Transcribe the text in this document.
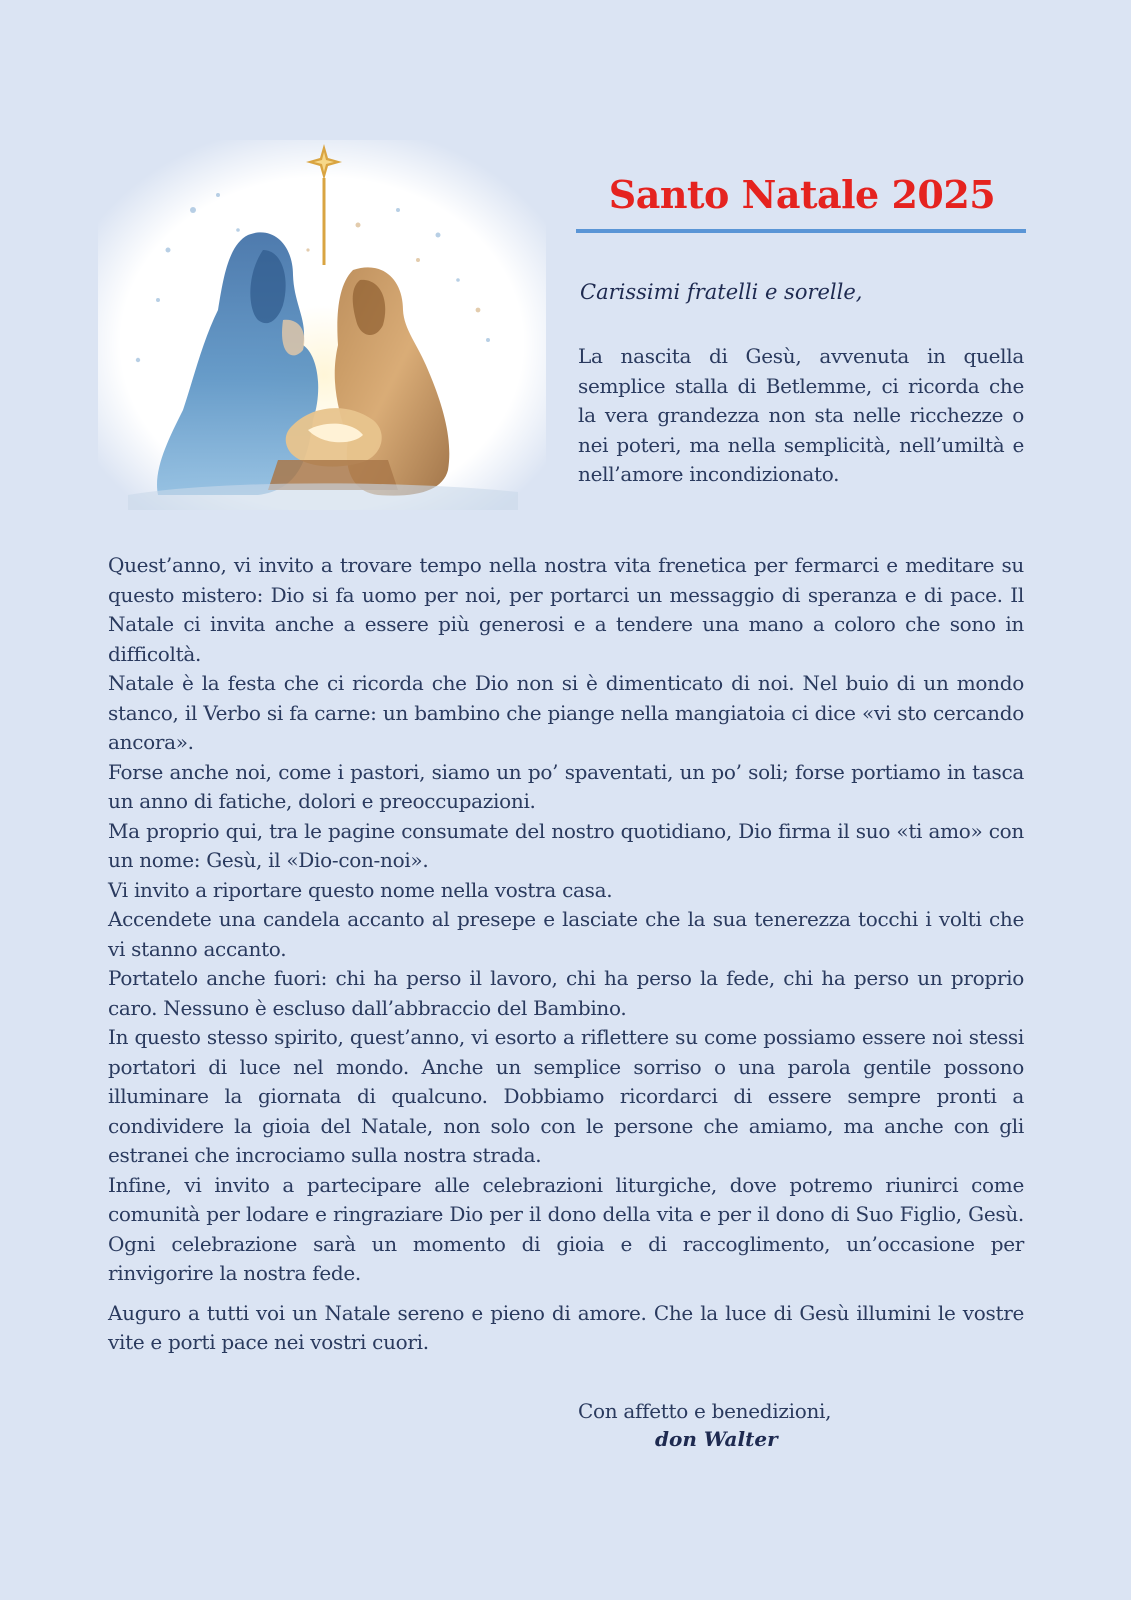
Santo Natale 2025

Carissimi fratelli e sorelle,

La nascita di Gesù, avvenuta in quella semplice stalla di Betlemme, ci ricorda che la vera grandezza non sta nelle ricchezze o nei poteri, ma nella semplicità, nell’umiltà e nell’amore incondizionato.

Quest’anno, vi invito a trovare tempo nella nostra vita frenetica per fermarci e meditare su questo mistero: Dio si fa uomo per noi, per portarci un messaggio di speranza e di pace. Il Natale ci invita anche a essere più generosi e a tendere una mano a coloro che sono in difficoltà.

Natale è la festa che ci ricorda che Dio non si è dimenticato di noi. Nel buio di un mondo stanco, il Verbo si fa carne: un bambino che piange nella mangiatoia ci dice «vi sto cercando ancora».

Forse anche noi, come i pastori, siamo un po’ spaventati, un po’ soli; forse portiamo in tasca un anno di fatiche, dolori e preoccupazioni.

Ma proprio qui, tra le pagine consumate del nostro quotidiano, Dio firma il suo «ti amo» con un nome: Gesù, il «Dio-con-noi».

Vi invito a riportare questo nome nella vostra casa.

Accendete una candela accanto al presepe e lasciate che la sua tenerezza tocchi i volti che vi stanno accanto.

Portatelo anche fuori: chi ha perso il lavoro, chi ha perso la fede, chi ha perso un proprio caro. Nessuno è escluso dall’abbraccio del Bambino.

In questo stesso spirito, quest’anno, vi esorto a riflettere su come possiamo essere noi stessi portatori di luce nel mondo. Anche un semplice sorriso o una parola gentile possono illuminare la giornata di qualcuno. Dobbiamo ricordarci di essere sempre pronti a condividere la gioia del Natale, non solo con le persone che amiamo, ma anche con gli estranei che incrociamo sulla nostra strada.

Infine, vi invito a partecipare alle celebrazioni liturgiche, dove potremo riunirci come comunità per lodare e ringraziare Dio per il dono della vita e per il dono di Suo Figlio, Gesù. Ogni celebrazione sarà un momento di gioia e di raccoglimento, un’occasione per rinvigorire la nostra fede.

Auguro a tutti voi un Natale sereno e pieno di amore. Che la luce di Gesù illumini le vostre vite e porti pace nei vostri cuori.

Con affetto e benedizioni,

don Walter
